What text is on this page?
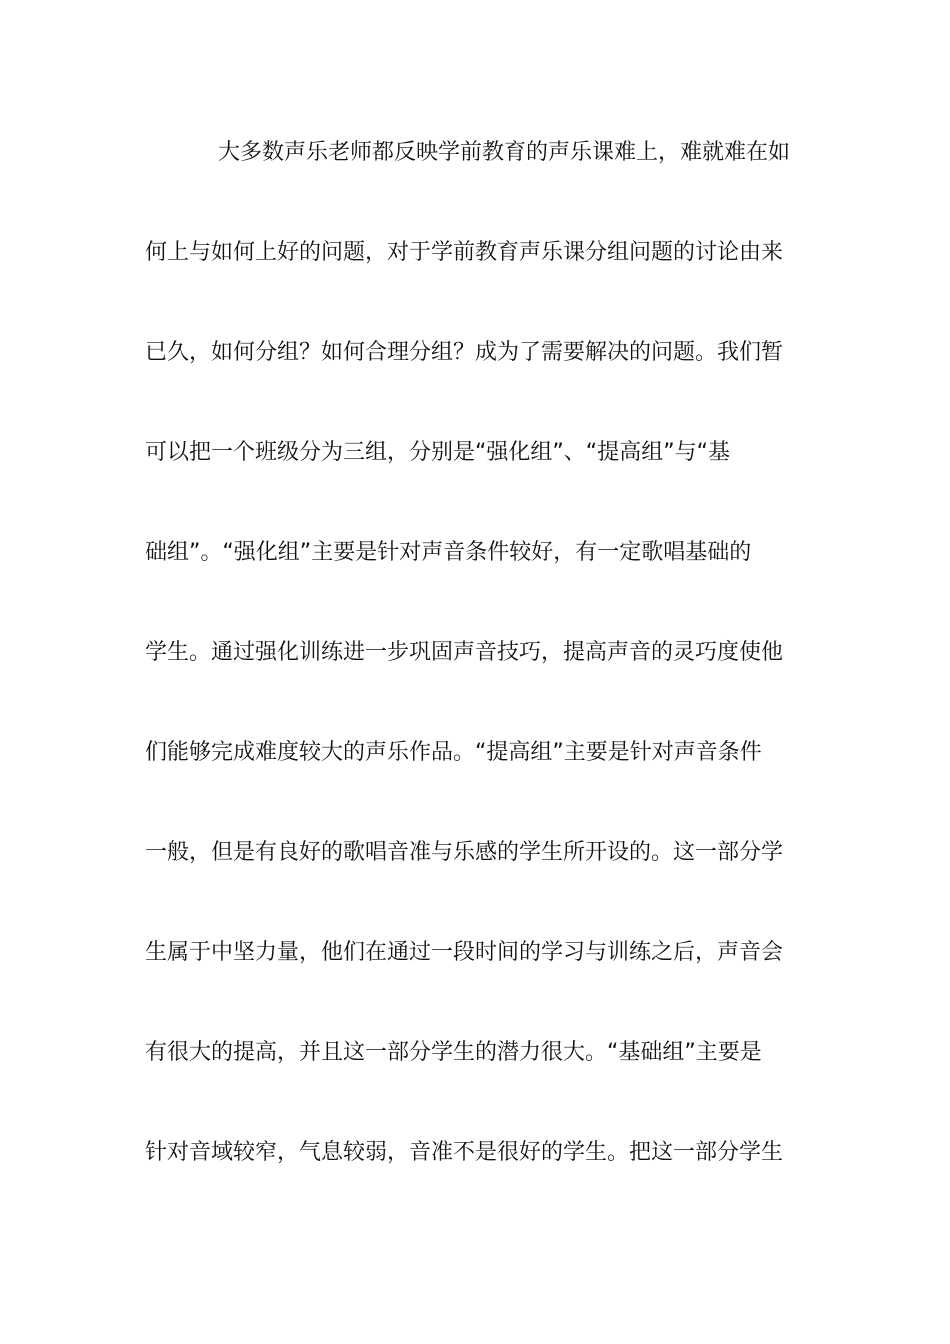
大多数声乐老师都反映学前教育的声乐课难上，难就难在如
何上与如何上好的问题，对于学前教育声乐课分组问题的讨论由来
已久，如何分组？如何合理分组？成为了需要解决的问题。我们暂
可以把一个班级分为三组，分别是“强化组”、“提高组”与“基
础组”。“强化组”主要是针对声音条件较好，有一定歌唱基础的
学生。通过强化训练进一步巩固声音技巧，提高声音的灵巧度使他
们能够完成难度较大的声乐作品。“提高组”主要是针对声音条件
一般，但是有良好的歌唱音准与乐感的学生所开设的。这一部分学
生属于中坚力量，他们在通过一段时间的学习与训练之后，声音会
有很大的提高，并且这一部分学生的潜力很大。“基础组”主要是
针对音域较窄，气息较弱，音准不是很好的学生。把这一部分学生
